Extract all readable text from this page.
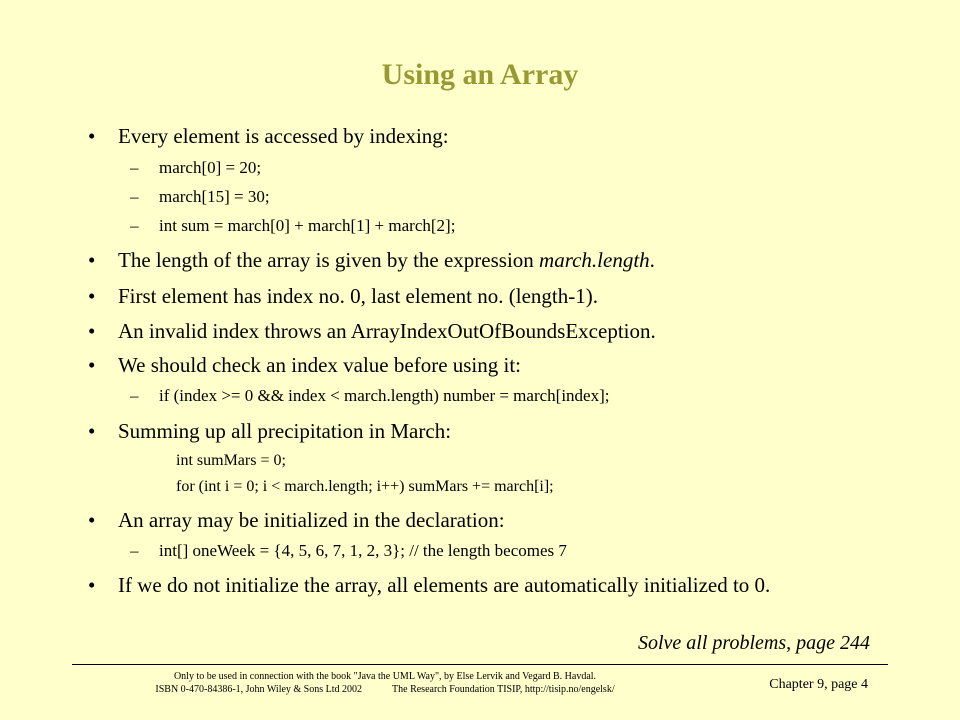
Using an Array
• Every element is accessed by indexing:
– march[0] = 20;
– march[15] = 30;
– int sum = march[0] + march[1] + march[2];
• The length of the array is given by the expression march.length.
• First element has index no. 0, last element no. (length-1).
• An invalid index throws an ArrayIndexOutOfBoundsException.
• We should check an index value before using it:
– if (index >= 0 && index < march.length) number = march[index];
• Summing up all precipitation in March:
int sumMars = 0;
for (int i = 0; i < march.length; i++) sumMars += march[i];
• An array may be initialized in the declaration:
– int[] oneWeek = {4, 5, 6, 7, 1, 2, 3}; // the length becomes 7
• If we do not initialize the array, all elements are automatically initialized to 0.
Solve all problems, page 244
Only to be used in connection with the book "Java the UML Way", by Else Lervik and Vegard B. Havdal.
ISBN 0-470-84386-1, John Wiley & Sons Ltd 2002	The Research Foundation TISIP, http://tisip.no/engelsk/	Chapter 9, page 4
